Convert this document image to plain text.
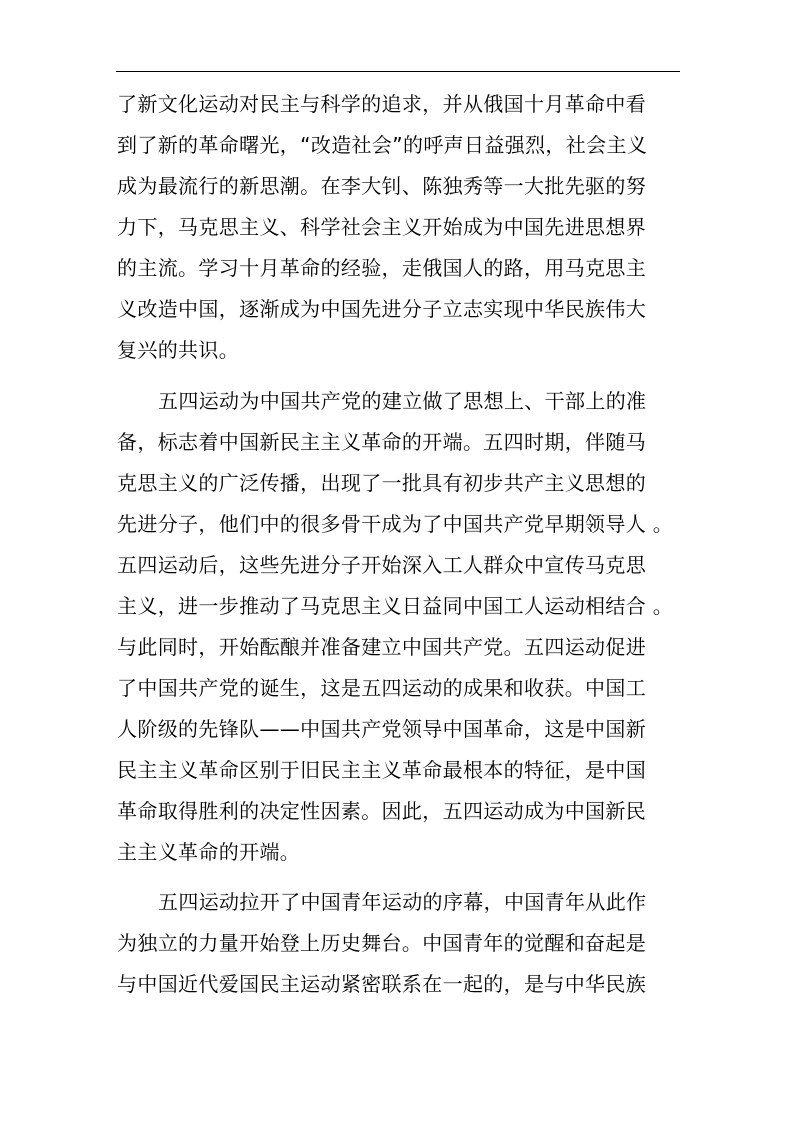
了新文化运动对民主与科学的追求，并从俄国十月革命中看
到了新的革命曙光，“改造社会”的呼声日益强烈，社会主义
成为最流行的新思潮。在李大钊、陈独秀等一大批先驱的努
力下，马克思主义、科学社会主义开始成为中国先进思想界
的主流。学习十月革命的经验，走俄国人的路，用马克思主
义改造中国，逐渐成为中国先进分子立志实现中华民族伟大
复兴的共识。
五四运动为中国共产党的建立做了思想上、干部上的准
备，标志着中国新民主主义革命的开端。五四时期，伴随马
克思主义的广泛传播，出现了一批具有初步共产主义思想的
先进分子，他们中的很多骨干成为了中国共产党早期领导人 。
五四运动后，这些先进分子开始深入工人群众中宣传马克思
主义，进一步推动了马克思主义日益同中国工人运动相结合 。
与此同时，开始酝酿并准备建立中国共产党。五四运动促进
了中国共产党的诞生，这是五四运动的成果和收获。中国工
人阶级的先锋队——中国共产党领导中国革命，这是中国新
民主主义革命区别于旧民主主义革命最根本的特征，是中国
革命取得胜利的决定性因素。因此，五四运动成为中国新民
主主义革命的开端。
五四运动拉开了中国青年运动的序幕，中国青年从此作
为独立的力量开始登上历史舞台。中国青年的觉醒和奋起是
与中国近代爱国民主运动紧密联系在一起的，是与中华民族
